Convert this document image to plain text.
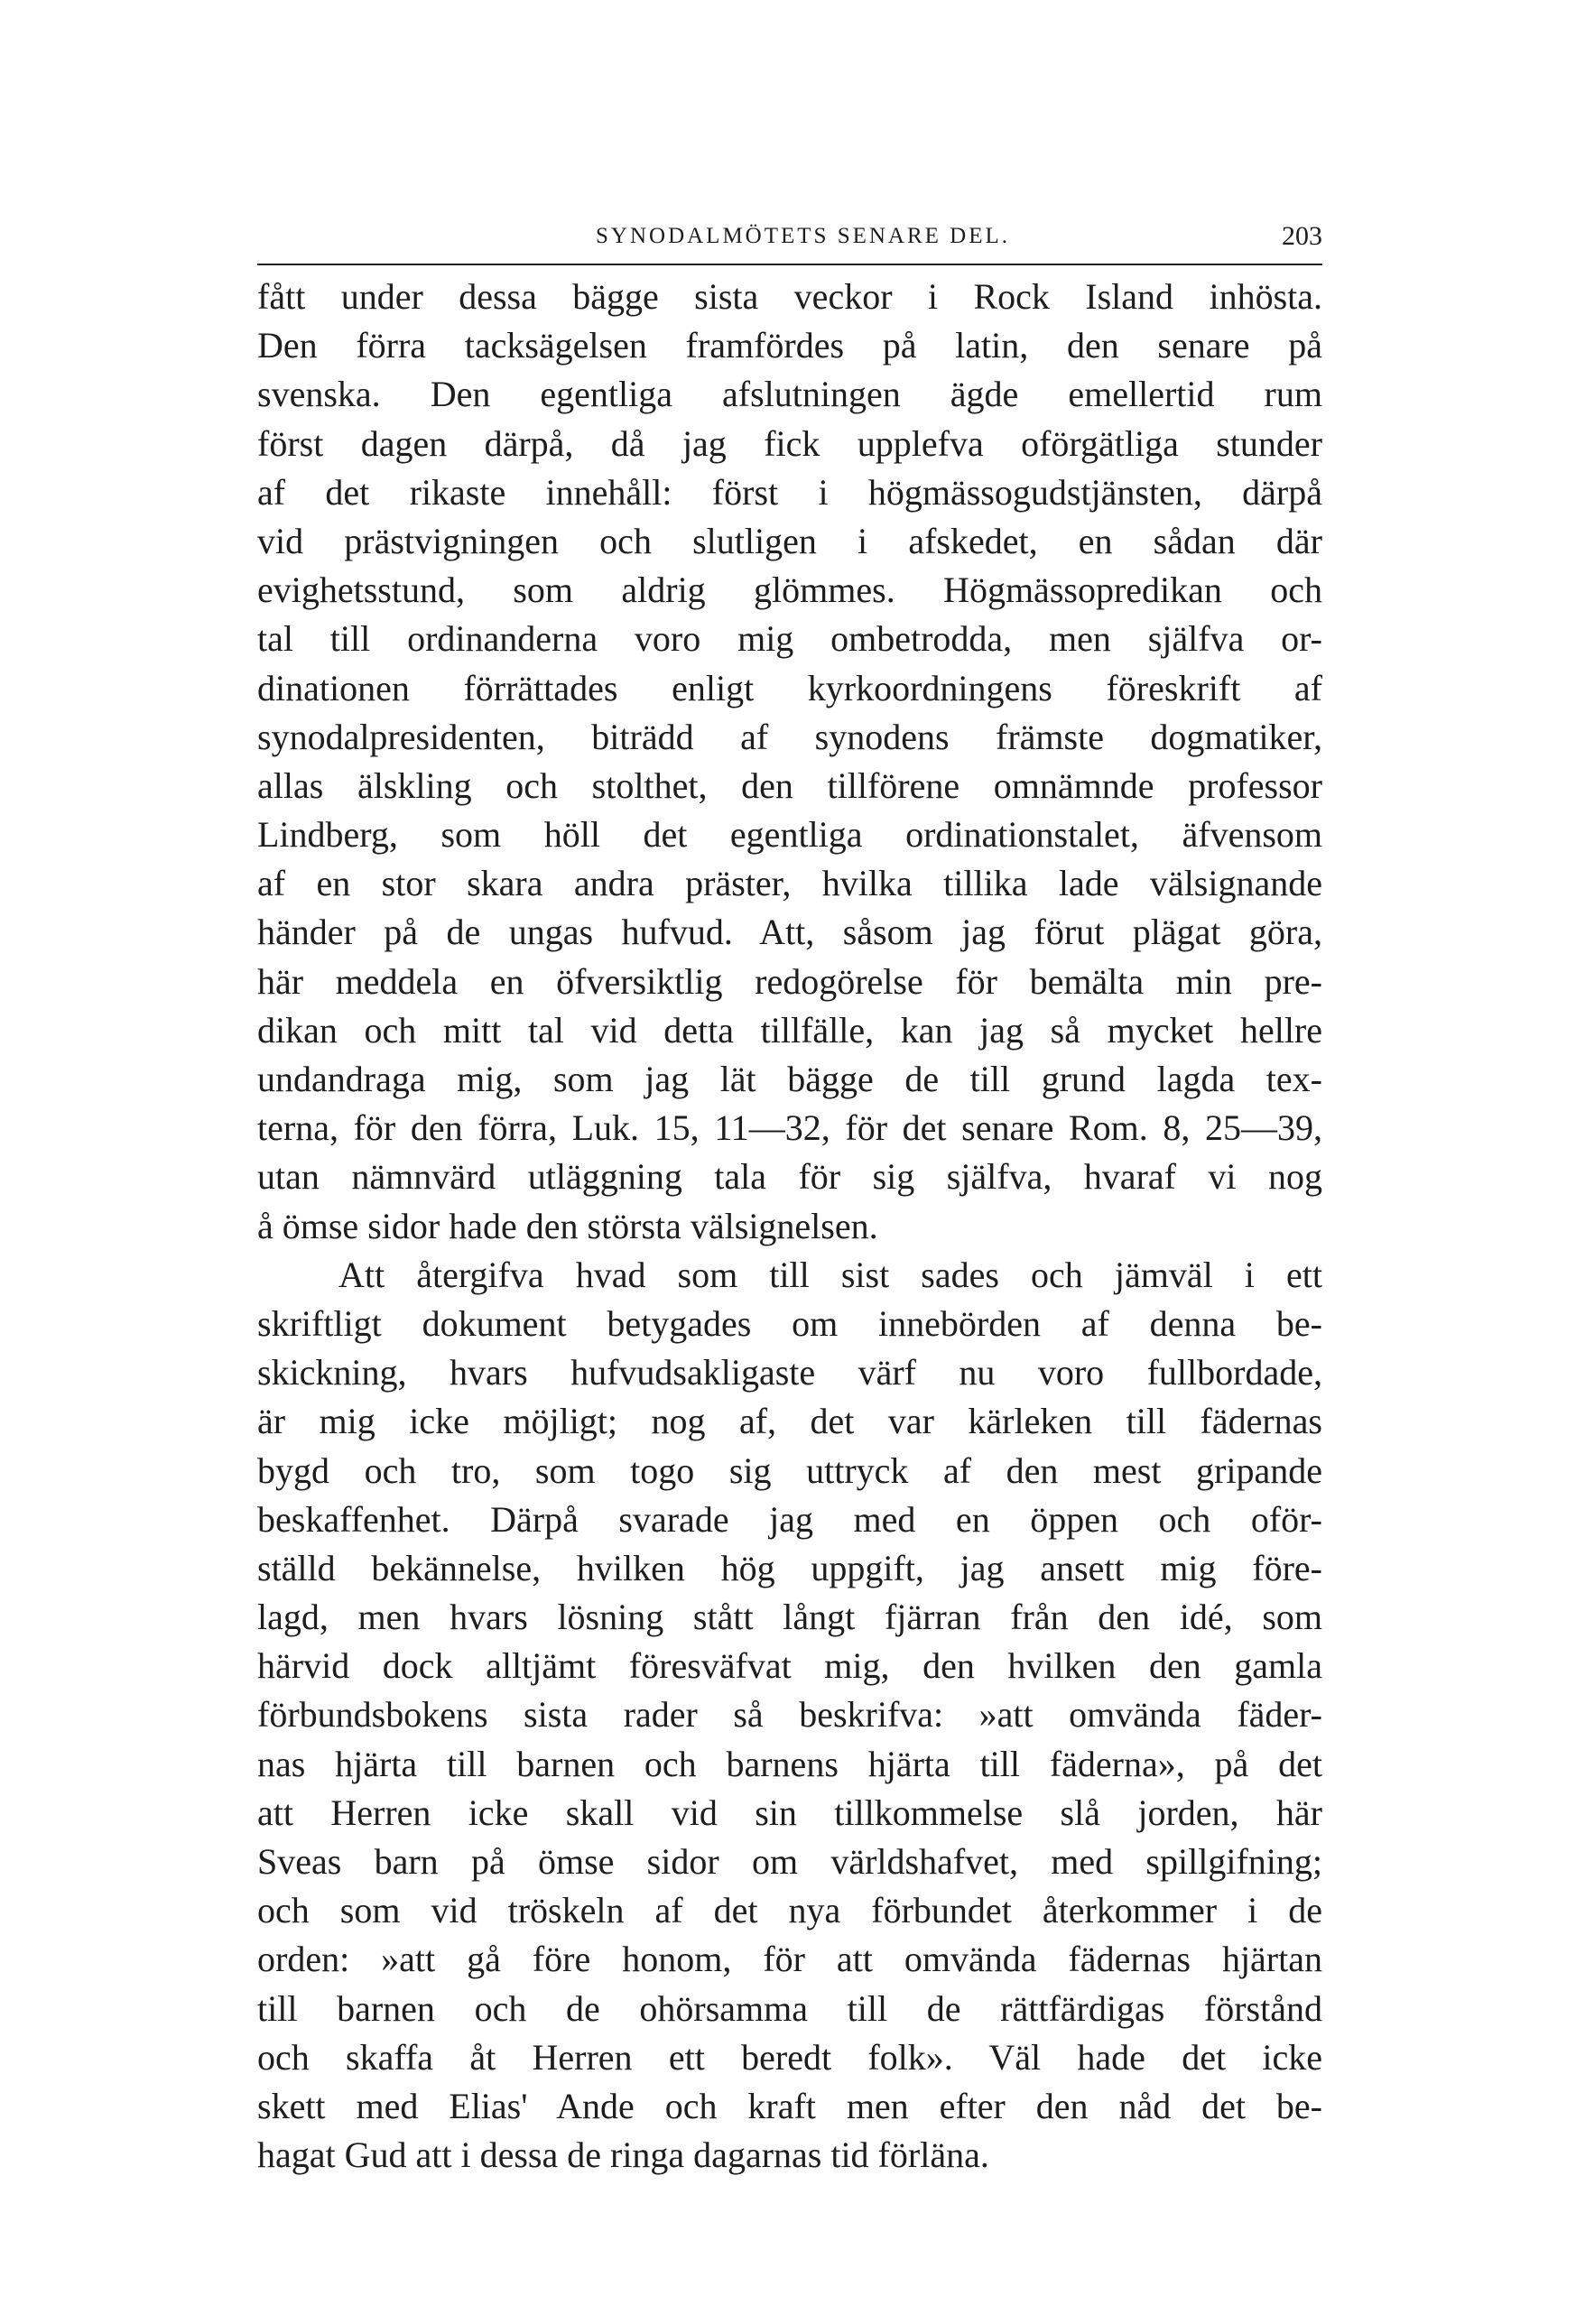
SYNODALMÖTETS SENARE DEL.	203
fått under dessa bägge sista veckor i Rock Island inhösta.
Den förra tacksägelsen framfördes på latin, den senare på
svenska. Den egentliga afslutningen ägde emellertid rum
först dagen därpå, då jag fick upplefva oförgätliga stunder
af det rikaste innehåll: först i högmässogudstjänsten, därpå
vid prästvigningen och slutligen i afskedet, en sådan där
evighetsstund, som aldrig glömmes. Högmässopredikan och
tal till ordinanderna voro mig ombetrodda, men själfva or-
dinationen förrättades enligt kyrkoordningens föreskrift af
synodalpresidenten, biträdd af synodens främste dogmatiker,
allas älskling och stolthet, den tillförene omnämnde professor
Lindberg, som höll det egentliga ordinationstalet, äfvensom
af en stor skara andra präster, hvilka tillika lade välsignande
händer på de ungas hufvud. Att, såsom jag förut plägat göra,
här meddela en öfversiktlig redogörelse för bemälta min pre-
dikan och mitt tal vid detta tillfälle, kan jag så mycket hellre
undandraga mig, som jag lät bägge de till grund lagda tex-
terna, för den förra, Luk. 15, 11—32, för det senare Rom. 8, 25—39,
utan nämnvärd utläggning tala för sig själfva, hvaraf vi nog
å ömse sidor hade den största välsignelsen.
Att återgifva hvad som till sist sades och jämväl i ett
skriftligt dokument betygades om innebörden af denna be-
skickning, hvars hufvudsakligaste värf nu voro fullbordade,
är mig icke möjligt; nog af, det var kärleken till fädernas
bygd och tro, som togo sig uttryck af den mest gripande
beskaffenhet. Därpå svarade jag med en öppen och oför-
ställd bekännelse, hvilken hög uppgift, jag ansett mig före-
lagd, men hvars lösning stått långt fjärran från den idé, som
härvid dock alltjämt föresväfvat mig, den hvilken den gamla
förbundsbokens sista rader så beskrifva: »att omvända fäder-
nas hjärta till barnen och barnens hjärta till fäderna», på det
att Herren icke skall vid sin tillkommelse slå jorden, här
Sveas barn på ömse sidor om världshafvet, med spillgifning;
och som vid tröskeln af det nya förbundet återkommer i de
orden: »att gå före honom, för att omvända fädernas hjärtan
till barnen och de ohörsamma till de rättfärdigas förstånd
och skaffa åt Herren ett beredt folk». Väl hade det icke
skett med Elias' Ande och kraft men efter den nåd det be-
hagat Gud att i dessa de ringa dagarnas tid förläna.
